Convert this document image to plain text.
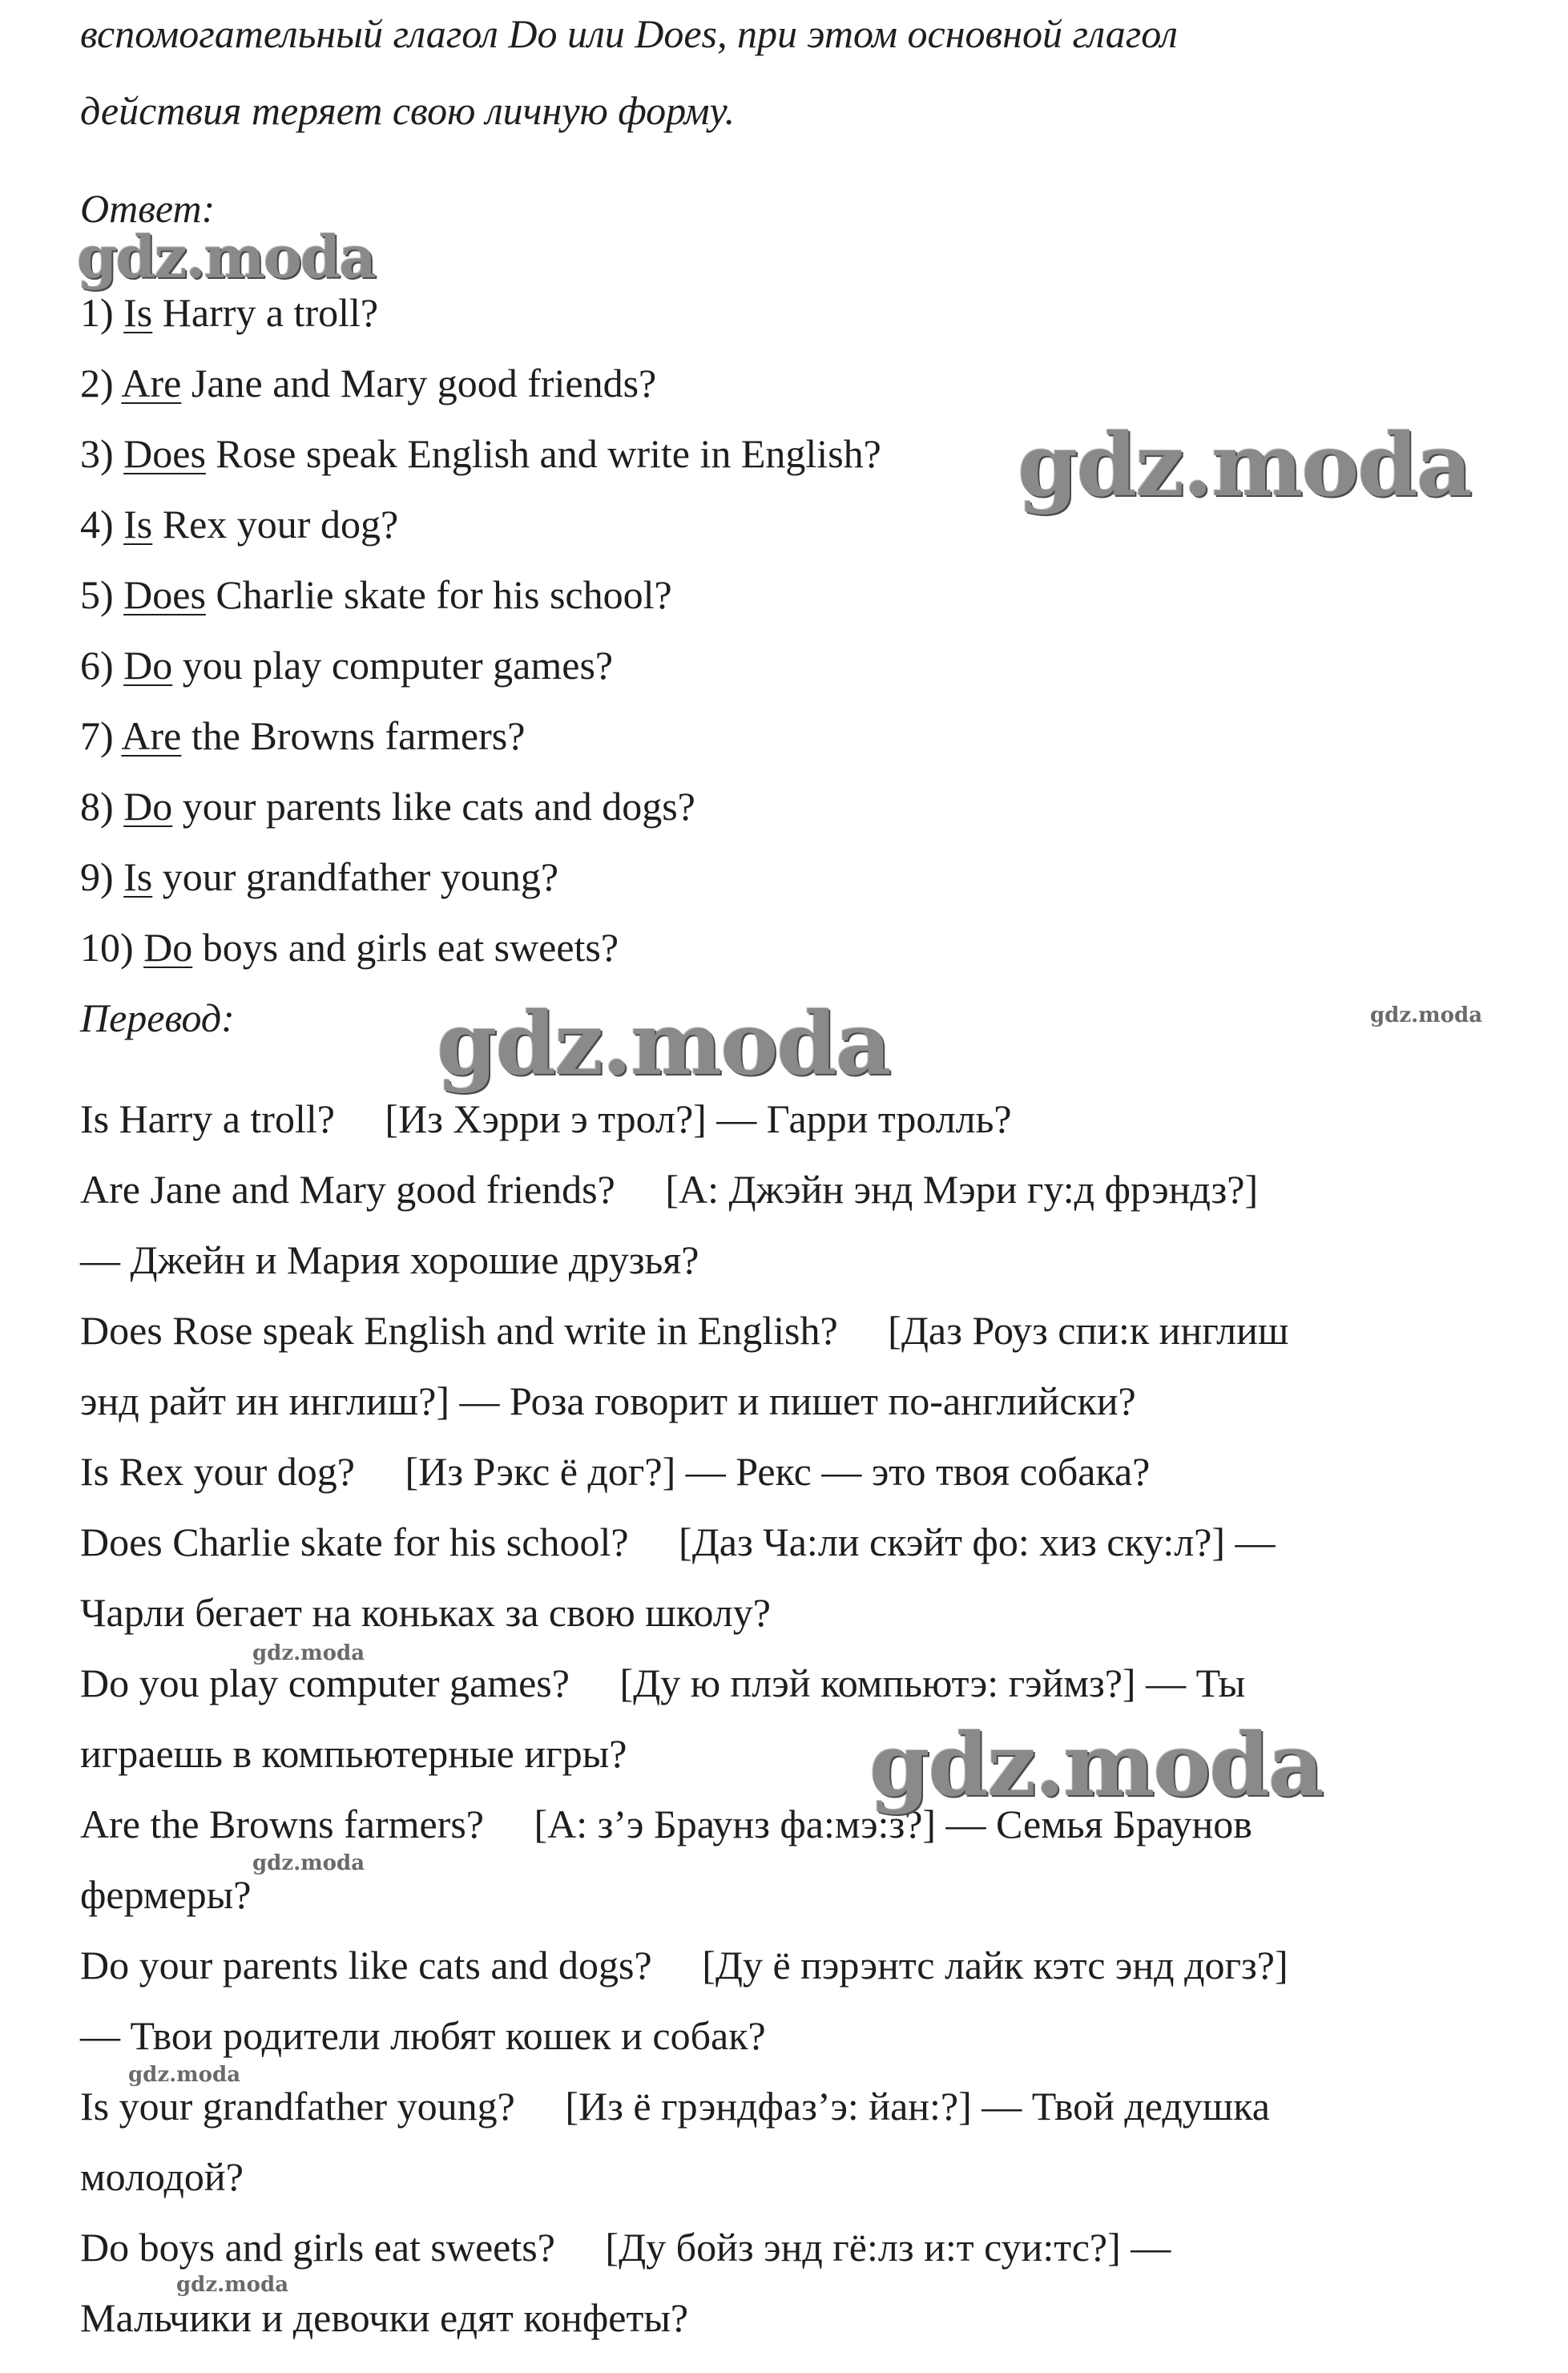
вспомогательный глагол Do или Does, при этом основной глагол
действия теряет свою личную форму.
Ответ:
1) Is Harry a troll?
2) Are Jane and Mary good friends?
3) Does Rose speak English and write in English?
4) Is Rex your dog?
5) Does Charlie skate for his school?
6) Do you play computer games?
7) Are the Browns farmers?
8) Do your parents like cats and dogs?
9) Is your grandfather young?
10) Do boys and girls eat sweets?
Перевод:

Is Harry a troll?     [Из Хэрри э трол?] — Гарри тролль?

Are Jane and Mary good friends?     [А: Джэйн энд Мэри гу:д фрэндз?]

— Джейн и Мария хорошие друзья?

Does Rose speak English and write in English?     [Даз Роуз спи:к инглиш

энд райт ин инглиш?] — Роза говорит и пишет по-английски?

Is Rex your dog?     [Из Рэкс ё дог?] — Рекс — это твоя собака?

Does Charlie skate for his school?     [Даз Ча:ли скэйт фо: хиз ску:л?] —

Чарли бегает на коньках за свою школу?

Do you play computer games?     [Ду ю плэй компьютэ: гэймз?] — Ты

играешь в компьютерные игры?

Are the Browns farmers?     [А: з’э Браунз фа:мэ:з?] — Семья Браунов

фермеры?

Do your parents like cats and dogs?     [Ду ё пэрэнтс лайк кэтс энд догз?]

— Твои родители любят кошек и собак?

Is your grandfather young?     [Из ё грэндфаз’э: йан:?] — Твой дедушка

молодой?

Do boys and girls eat sweets?     [Ду бойз энд гё:лз и:т суи:тс?] —

Мальчики и девочки едят конфеты?

gdz.moda
gdz.moda
gdz.moda	gdz.moda
gdz.moda
gdz.moda
gdz.moda
gdz.moda
gdz.moda
